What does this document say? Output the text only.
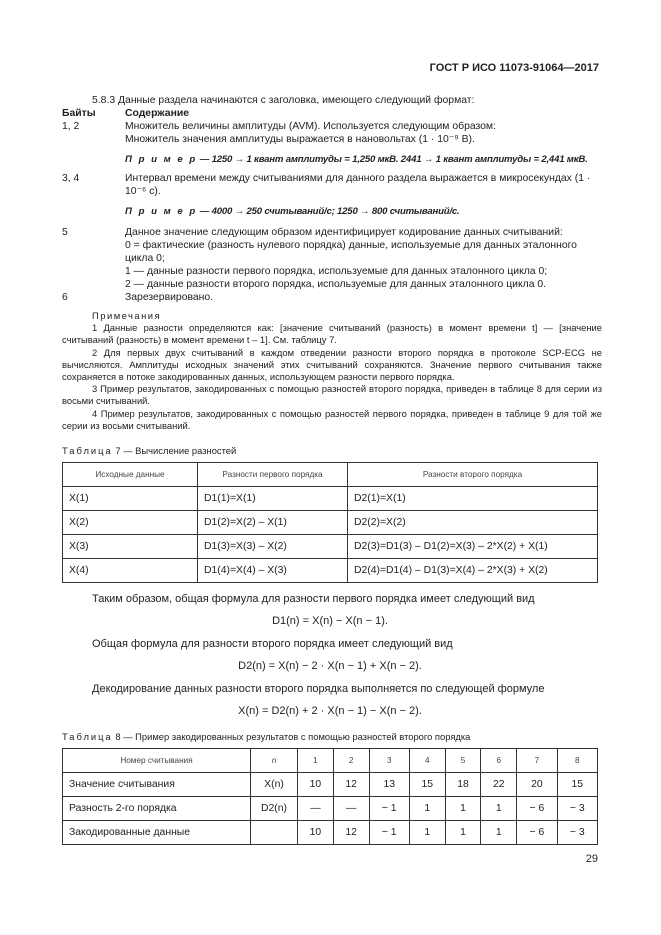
ГОСТ Р ИСО 11073-91064—2017
5.8.3 Данные раздела начинаются с заголовка, имеющего следующий формат:
Байты	Содержание
1, 2	Множитель величины амплитуды (AVM). Используется следующим образом:
Множитель значения амплитуды выражается в нановольтах (1 · 10⁻⁹ В).
П р и м е р — 1250 → 1 квант амплитуды = 1,250 мкВ. 2441 → 1 квант амплитуды = 2,441 мкВ.
3, 4	Интервал времени между считываниями для данного раздела выражается в микросекундах (1 · 10⁻⁶ с).
П р и м е р — 4000 → 250 считываний/с; 1250 → 800 считываний/с.
5	Данное значение следующим образом идентифицирует кодирование данных считываний:
0 = фактические (разность нулевого порядка) данные, используемые для данных эталонного цикла 0;
1 — данные разности первого порядка, используемые для данных эталонного цикла 0;
2 — данные разности второго порядка, используемые для данных эталонного цикла 0.
6	Зарезервировано.

Примечания

1 Данные разности определяются как: [значение считываний (разность) в момент времени t] — [значение считываний (разность) в момент времени t – 1]. См. таблицу 7.

2 Для первых двух считываний в каждом отведении разности второго порядка в протоколе SCP-ECG не вычисляются. Амплитуды исходных значений этих считываний сохраняются. Значение первого считывания также сохраняется в потоке закодированных данных, использующем разности первого порядка.

3 Пример результатов, закодированных с помощью разностей второго порядка, приведен в таблице 8 для серии из восьми считываний.

4 Пример результатов, закодированных с помощью разностей первого порядка, приведен в таблице 9 для той же серии из восьми считываний.

Таблица 7 — Вычисление разностей
Исходные данные	Разности первого порядка	Разности второго порядка
X(1)	D1(1)=X(1)	D2(1)=X(1)
X(2)	D1(2)=X(2) – X(1)	D2(2)=X(2)
X(3)	D1(3)=X(3) – X(2)	D2(3)=D1(3) – D1(2)=X(3) – 2*X(2) + X(1)
X(4)	D1(4)=X(4) – X(3)	D2(4)=D1(4) – D1(3)=X(4) – 2*X(3) + X(2)
Таким образом, общая формула для разности первого порядка имеет следующий вид
D1(n) = X(n) − X(n − 1).
Общая формула для разности второго порядка имеет следующий вид
D2(n) = X(n) − 2 · X(n − 1) + X(n − 2).
Декодирование данных разности второго порядка выполняется по следующей формуле
X(n) = D2(n) + 2 · X(n − 1) − X(n − 2).
Таблица 8 — Пример закодированных результатов с помощью разностей второго порядка
Номер считывания	n	1	2	3	4	5	6	7	8
Значение считывания	X(n)	10	12	13	15	18	22	20	15
Разность 2-го порядка	D2(n)	—	—	− 1	1	1	1	− 6	− 3
Закодированные данные		10	12	− 1	1	1	1	− 6	− 3
29
